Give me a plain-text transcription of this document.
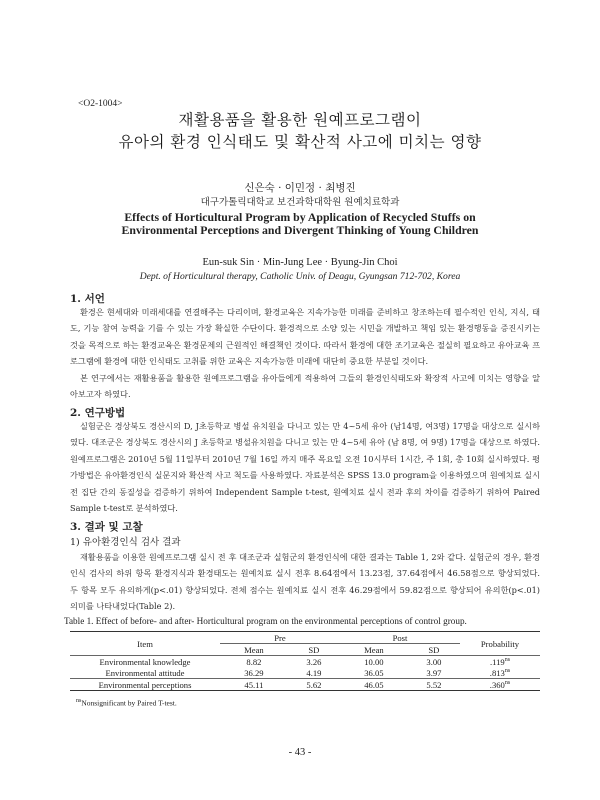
<O2-1004>
재활용품을 활용한 원예프로그램이
유아의 환경 인식태도 및 확산적 사고에 미치는 영향
신은숙 · 이민정 · 최병진
대구가톨릭대학교 보건과학대학원 원예치료학과
Effects of Horticultural Program by Application of Recycled Stuffs on
Environmental Perceptions and Divergent Thinking of Young Children
Eun-suk Sin · Min-Jung Lee · Byung-Jin Choi
Dept. of Horticultural therapy, Catholic Univ. of Deagu, Gyungsan 712-702, Korea
1. 서언

환경은 현세대와 미래세대를 연결해주는 다리이며, 환경교육은 지속가능한 미래를 준비하고 창조하는데 필수적인 인식, 지식, 태도, 기능 참여 능력을 기를 수 있는 가장 확실한 수단이다. 환경적으로 소양 있는 시민을 개발하고 책임 있는 환경행동을 증진시키는 것을 목적으로 하는 환경교육은 환경문제의 근원적인 해결책인 것이다. 따라서 환경에 대한 조기교육은 절실히 필요하고 유아교육 프로그램에 환경에 대한 인식태도 고취를 위한 교육은 지속가능한 미래에 대단히 중요한 부분일 것이다.

본 연구에서는 재활용품을 활용한 원예프로그램을 유아들에게 적용하여 그들의 환경인식태도와 확장적 사고에 미치는 영향을 알아보고자 하였다.

2. 연구방법

실험군은 경상북도 경산시의 D, J초등학교 병설 유치원을 다니고 있는 만 4~5세 유아 (남14명, 여3명) 17명을 대상으로 실시하였다. 대조군은 경상북도 경산시의 J 초등학교 병설유치원을 다니고 있는 만 4~5세 유아 (남 8명, 여 9명) 17명을 대상으로 하였다.원예프로그램은 2010년 5월 11일부터 2010년 7월 16일 까지 매주 목요일 오전 10시부터 1시간, 주 1회, 총 10회 실시하였다. 평가방법은 유아환경인식 실문지와 확산적 사고 척도를 사용하였다. 자료분석은 SPSS 13.0 program을 이용하였으며 원예치료 실시 전 집단 간의 동질성을 검증하기 위하여 Independent Sample t-test, 원예치료 실시 전과 후의 차이를 검증하기 위하여 Paired Sample t-test로 분석하였다.

3. 결과 및 고찰
1) 유아환경인식 검사 결과

재활용품을 이용한 원예프로그램 실시 전 후 대조군과 실험군의 환경인식에 대한 결과는 Table 1, 2와 같다. 실험군의 경우, 환경인식 검사의 하위 항목 환경지식과 환경태도는 원예치료 실시 전후 8.64점에서 13.23점, 37.64점에서 46.58점으로 향상되었다. 두 항목 모두 유의하게(p<.01) 향상되었다. 전체 점수는 원예치료 실시 전후 46.29점에서 59.82점으로 향상되어 유의한(p<.01) 의미를 나타내었다(Table 2).

Table 1. Effect of before- and after- Horticultural program on the environmental perceptions of control group.
Item	Pre		Post		Probability
	Mean	SD	Mean	SD	
Environmental knowledge	8.82	3.26	10.00	3.00	$.119^{ns}$
Environmental attitude	36.29	4.19	36.05	3.97	$.813^{ns}$
Environmental perceptions	45.11	5.62	46.05	5.52	$.360^{ns}$
$^{ns}$Nonsignificant by Paired T-test.
- 43 -
